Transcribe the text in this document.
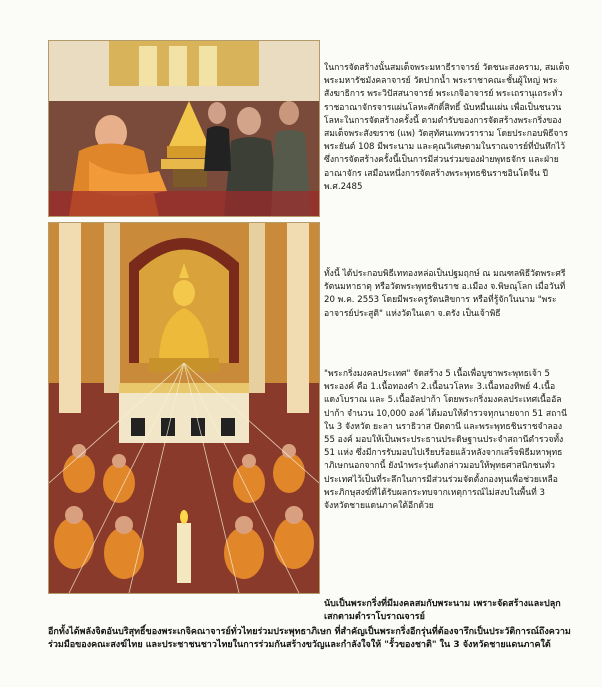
ในการจัดสร้างนั้นสมเด็จพระมหาธีราจารย์ วัดชนะสงคราม, สมเด็จพระมหารัชมังคลาจารย์ วัดปากน้ำ พระราชาคณะชั้นผู้ใหญ่ พระสังฆาธิการ พระวิปัสสนาจารย์ พระเกจิอาจารย์ พระเถรานุเถระทั่วราชอาณาจักรจารแผ่นโลหะศักดิ์สิทธิ์ นับหมื่นแผ่น เพื่อเป็นชนวนโลหะในการจัดสร้างครั้งนี้ ตามตำรับของการจัดสร้างพระกริ่งของสมเด็จพระสังฆราช (แพ) วัดสุทัศนเทพวราราม โดยประกอบพิธีจารพระยันต์ 108 มีพระนาม และคุณวิเศษตามในราณจารย์ที่บันทึกไว้ ซึ่งการจัดสร้างครั้งนี้เป็นการมีส่วนร่วมของฝ่ายพุทธจักร และฝ่ายอาณาจักร เสมือนหนึ่งการจัดสร้างพระพุทธชินราชอินโดจีน ปี พ.ศ.2485

ทั้งนี้ ได้ประกอบพิธีเททองหล่อเป็นปฐมฤกษ์ ณ มณฑลพิธีวัดพระศรีรัตนมหาธาตุ หรือวัดพระพุทธชินราช อ.เมือง จ.พิษณุโลก เมื่อวันที่ 20 พ.ค. 2553 โดยมีพระครูรัตนสิขการ หรือที่รู้จักในนาม "พระอาจารย์ประสูติ" แห่งวัดในเตา จ.ตรัง เป็นเจ้าพิธี

"พระกริ่งมงคลประเทศ" จัดสร้าง 5 เนื้อเพื่อบูชาพระพุทธเจ้า 5 พระองค์ คือ 1.เนื้อทองคำ 2.เนื้อนวโลหะ 3.เนื้อทองทิพย์ 4.เนื้อแดงโบราณ และ 5.เนื้ออัลปาก้า โดยพระกริ่งมงคลประเทศเนื้ออัลปาก้า จำนวน 10,000 องค์ ได้มอบให้ตำรวจทุกนายจาก 51 สถานี ใน 3 จังหวัด ยะลา นราธิวาส ปัตตานี และพระพุทธชินราชจำลอง 55 องค์ มอบให้เป็นพระประธานประดิษฐานประจำสถานีตำรวจทั้ง 51 แห่ง ซึ่งมีการรับมอบไปเรียบร้อยแล้วหลังจากเสร็จพิธีมหาพุทธาภิเษกนอกจากนี้ ยังนำพระรุ่นดังกล่าวมอบให้พุทธศาสนิกชนทั่วประเทศไว้เป็นที่ระลึกในการมีส่วนร่วมจัดตั้งกองทุนเพื่อช่วยเหลือพระภิกษุสงฆ์ที่ได้รับผลกระทบจากเหตุการณ์ไม่สงบในพื้นที่ 3 จังหวัดชายแดนภาคใต้อีกด้วย

นับเป็นพระกริ่งที่มีมงคลสมกับพระนาม เพราะจัดสร้างและปลุกเสกตามตำราโบราณจารย์

อีกทั้งได้พลังจิตอันบริสุทธิ์ของพระเกจิคณาจารย์ทั่วไทยร่วมประพุทธาภิเษก ที่สำคัญเป็นพระกริ่งอีกรุ่นที่ต้องจารึกเป็นประวัติการณ์ถึงความร่วมมือของคณะสงฆ์ไทย และประชาชนชาวไทยในการร่วมกันสร้างขวัญและกำลังใจให้ "รั้วของชาติ" ใน 3 จังหวัดชายแดนภาคใต้
